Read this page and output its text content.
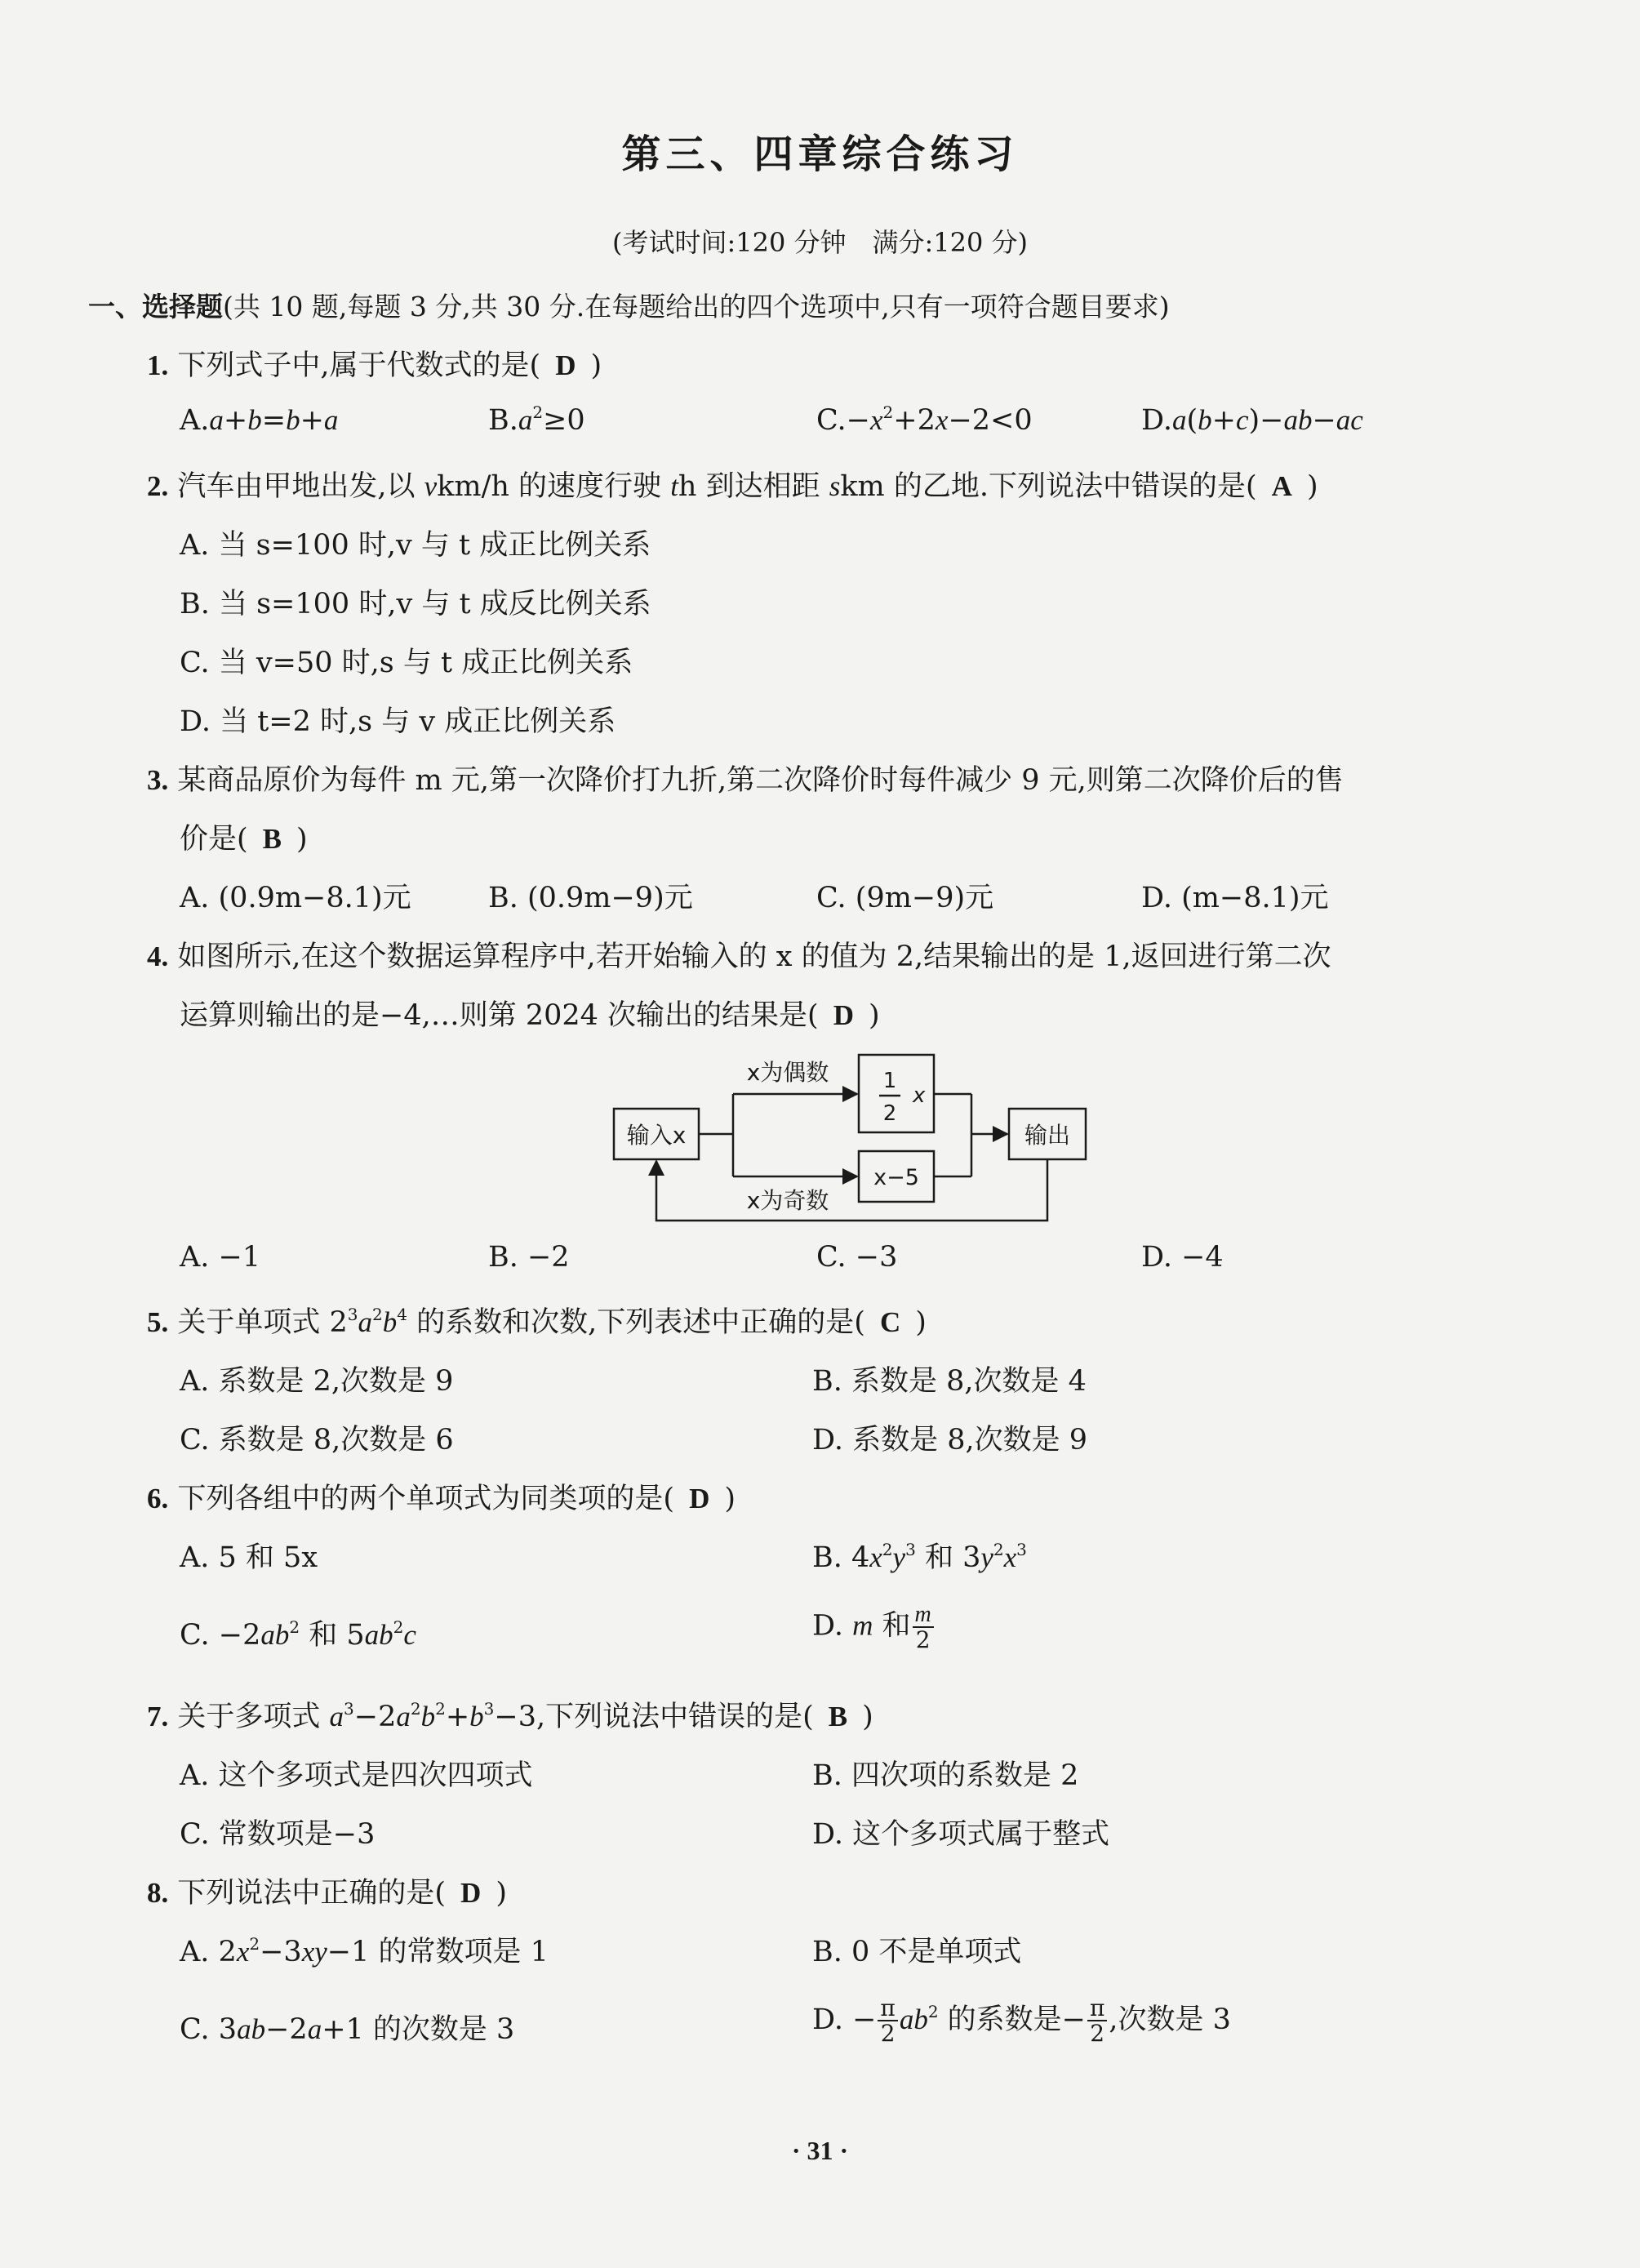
第三、四章综合练习
(考试时间:120 分钟　满分:120 分)
一、选择题(共 10 题,每题 3 分,共 30 分.在每题给出的四个选项中,只有一项符合题目要求)
1. 下列式子中,属于代数式的是( D )
A.a+b=b+a	$B.a^2\ge 0$	$C.-x^2+2x-2<0$	D.a(b+c)−ab−ac
2. 汽车由甲地出发,以 vkm/h 的速度行驶 th 到达相距 skm 的乙地.下列说法中错误的是( A )
A. 当 s=100 时,v 与 t 成正比例关系
B. 当 s=100 时,v 与 t 成反比例关系
C. 当 v=50 时,s 与 t 成正比例关系
D. 当 t=2 时,s 与 v 成正比例关系
3. 某商品原价为每件 m 元,第一次降价打九折,第二次降价时每件减少 9 元,则第二次降价后的售
价是( B )
A. (0.9m−8.1)元	B. (0.9m−9)元	C. (9m−9)元	D. (m−8.1)元
4. 如图所示,在这个数据运算程序中,若开始输入的 x 的值为 2,结果输出的是 1,返回进行第二次
运算则输出的是−4,…则第 2024 次输出的结果是( D )
输入x	输出
x为偶数
x为奇数
1
2
x
x−5
A. −1	B. −2	C. −3	D. −4
5. 关于单项式 $2^3a^2b^4$ 的系数和次数,下列表述中正确的是( C )
A. 系数是 2,次数是 9	B. 系数是 8,次数是 4
C. 系数是 8,次数是 6	D. 系数是 8,次数是 9
6. 下列各组中的两个单项式为同类项的是( D )
A. 5 和 5x	B. $4x^2y^3$ 和 $3y^2x^3$
C. $-2ab^2$ 和 $5ab^2c$	D. m 和 $\frac{m}{2}$
7. 关于多项式 $a^3-2a^2b^2+b^3-3$,下列说法中错误的是( B )
A. 这个多项式是四次四项式	B. 四次项的系数是 2
C. 常数项是−3	D. 这个多项式属于整式
8. 下列说法中正确的是( D )
A. $2x^2-3xy-1$ 的常数项是 1	B. 0 不是单项式
C. 3ab−2a+1 的次数是 3	D. − $\frac{\pi}{2} ab^2$ 的系数是− $\frac{\pi}{2}$ ,次数是 3
· 31 ·
